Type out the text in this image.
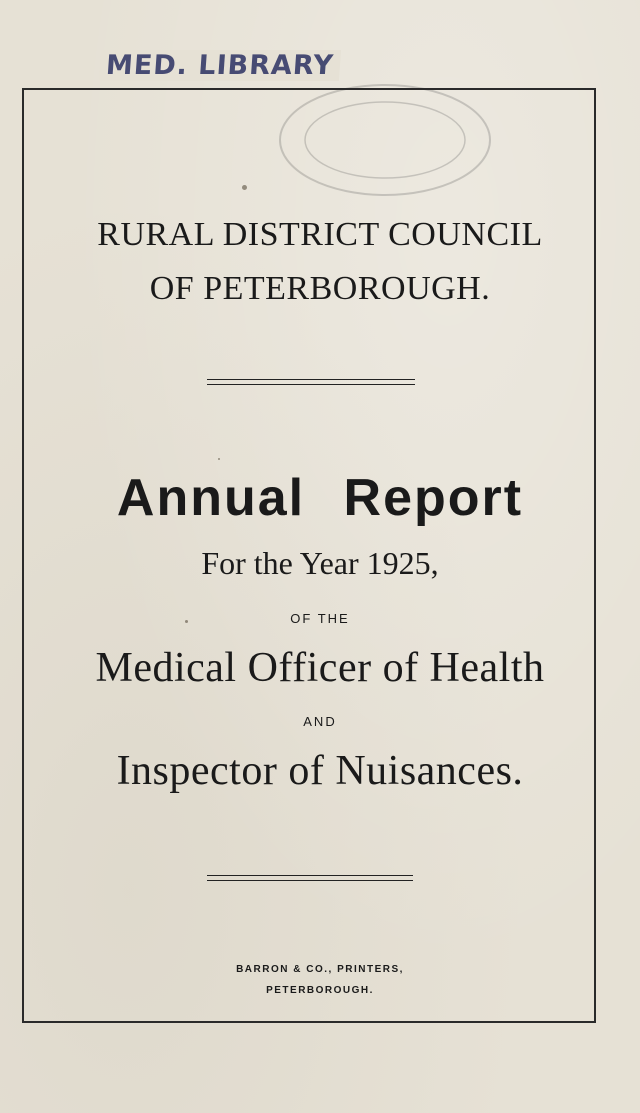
MED. LIBRARY
RURAL DISTRICT COUNCIL
OF PETERBOROUGH.
Annual Report
For the Year 1925,
OF THE
Medical Officer of Health
AND
Inspector of Nuisances.
BARRON & CO., PRINTERS,
PETERBOROUGH.
